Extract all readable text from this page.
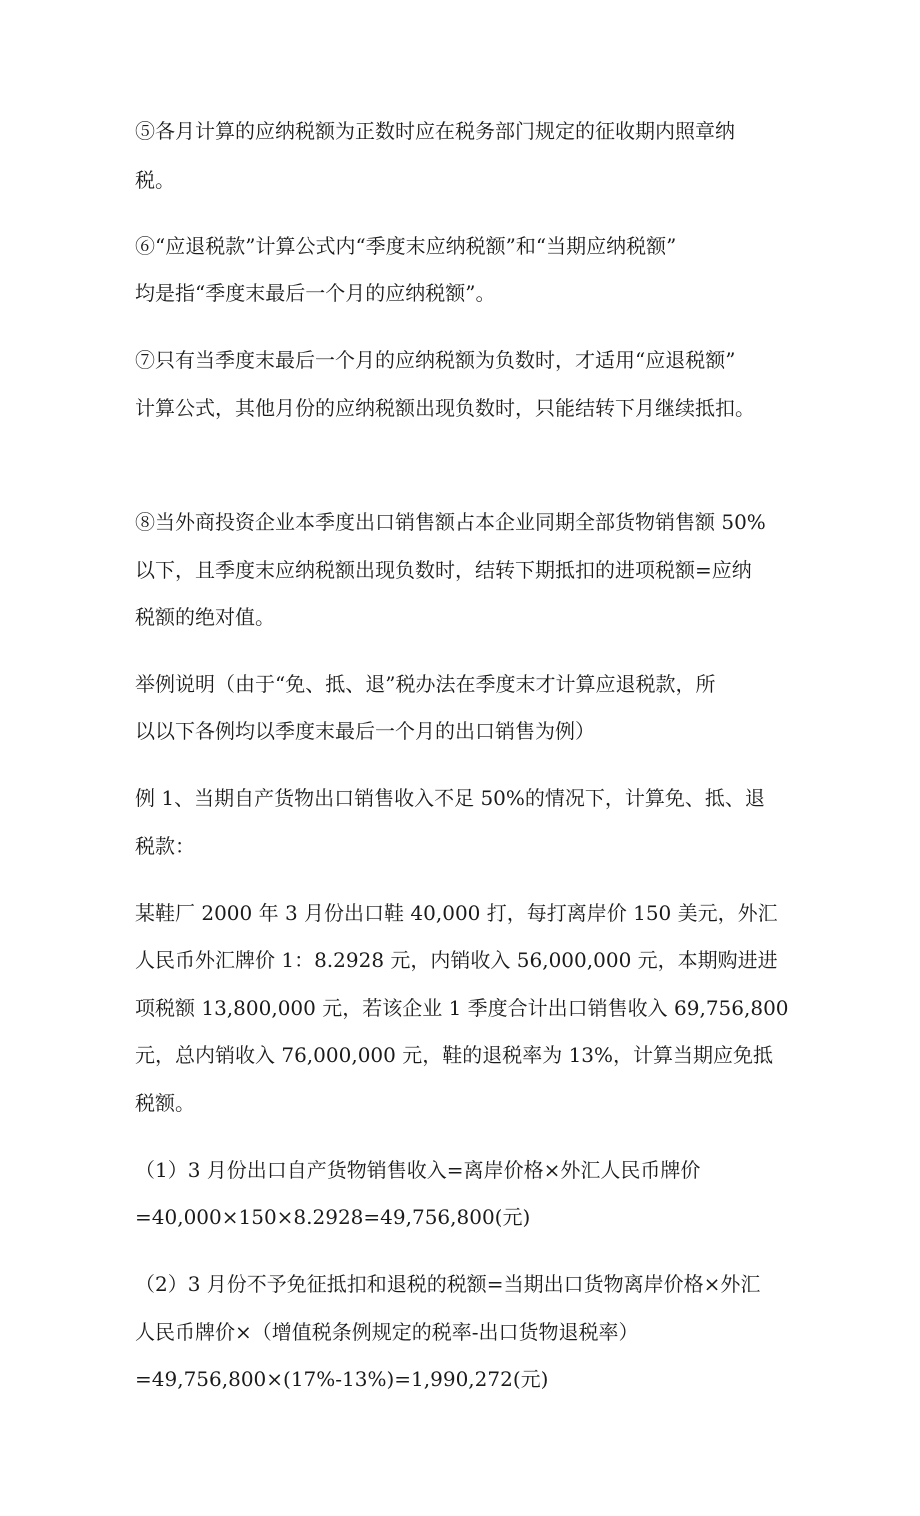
⑤各月计算的应纳税额为正数时应在税务部门规定的征收期内照章纳
税。
⑥“应退税款”计算公式内“季度末应纳税额”和“当期应纳税额”
均是指“季度末最后一个月的应纳税额”。
⑦只有当季度末最后一个月的应纳税额为负数时，才适用“应退税额”
计算公式，其他月份的应纳税额出现负数时，只能结转下月继续抵扣。
⑧当外商投资企业本季度出口销售额占本企业同期全部货物销售额 50%
以下，且季度末应纳税额出现负数时，结转下期抵扣的进项税额=应纳
税额的绝对值。
举例说明（由于“免、抵、退”税办法在季度末才计算应退税款，所
以以下各例均以季度末最后一个月的出口销售为例）
例 1、当期自产货物出口销售收入不足 50%的情况下，计算免、抵、退
税款：
某鞋厂 2000 年 3 月份出口鞋 40,000 打，每打离岸价 150 美元，外汇
人民币外汇牌价 1：8.2928 元，内销收入 56,000,000 元，本期购进进
项税额 13,800,000 元，若该企业 1 季度合计出口销售收入 69,756,800
元，总内销收入 76,000,000 元，鞋的退税率为 13%，计算当期应免抵
税额。
（1）3 月份出口自产货物销售收入=离岸价格×外汇人民币牌价
=40,000×150×8.2928=49,756,800(元)
（2）3 月份不予免征抵扣和退税的税额=当期出口货物离岸价格×外汇
人民币牌价×（增值税条例规定的税率-出口货物退税率）
=49,756,800×(17%-13%)=1,990,272(元)
